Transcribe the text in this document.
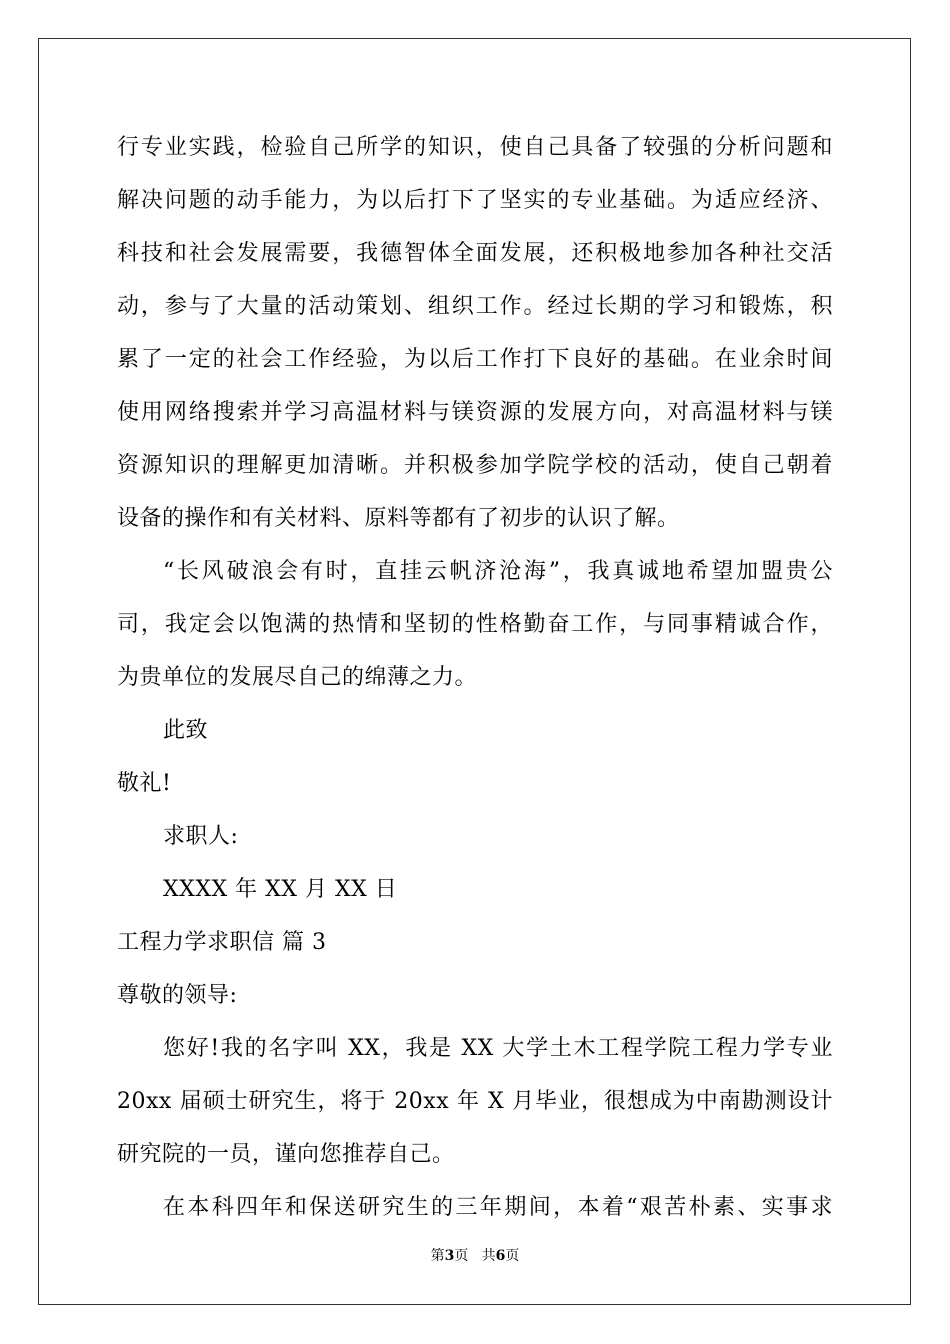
行专业实践，检验自己所学的知识，使自己具备了较强的分析问题和
解决问题的动手能力，为以后打下了坚实的专业基础。为适应经济、
科技和社会发展需要，我德智体全面发展，还积极地参加各种社交活
动，参与了大量的活动策划、组织工作。经过长期的学习和锻炼，积
累了一定的社会工作经验，为以后工作打下良好的基础。在业余时间
使用网络搜索并学习高温材料与镁资源的发展方向，对高温材料与镁
资源知识的理解更加清晰。并积极参加学院学校的活动，使自己朝着
设备的操作和有关材料、原料等都有了初步的认识了解。
“长风破浪会有时，直挂云帆济沧海”，我真诚地希望加盟贵公
司，我定会以饱满的热情和坚韧的性格勤奋工作，与同事精诚合作，
为贵单位的发展尽自己的绵薄之力。
此致
敬礼!
求职人:
XXXX 年 XX 月 XX 日
工程力学求职信 篇 3
尊敬的领导:
您好!我的名字叫 XX，我是 XX 大学土木工程学院工程力学专业
20xx 届硕士研究生，将于 20xx 年 X 月毕业，很想成为中南勘测设计
研究院的一员，谨向您推荐自己。
在本科四年和保送研究生的三年期间，本着“艰苦朴素、实事求
第3页 共6页
